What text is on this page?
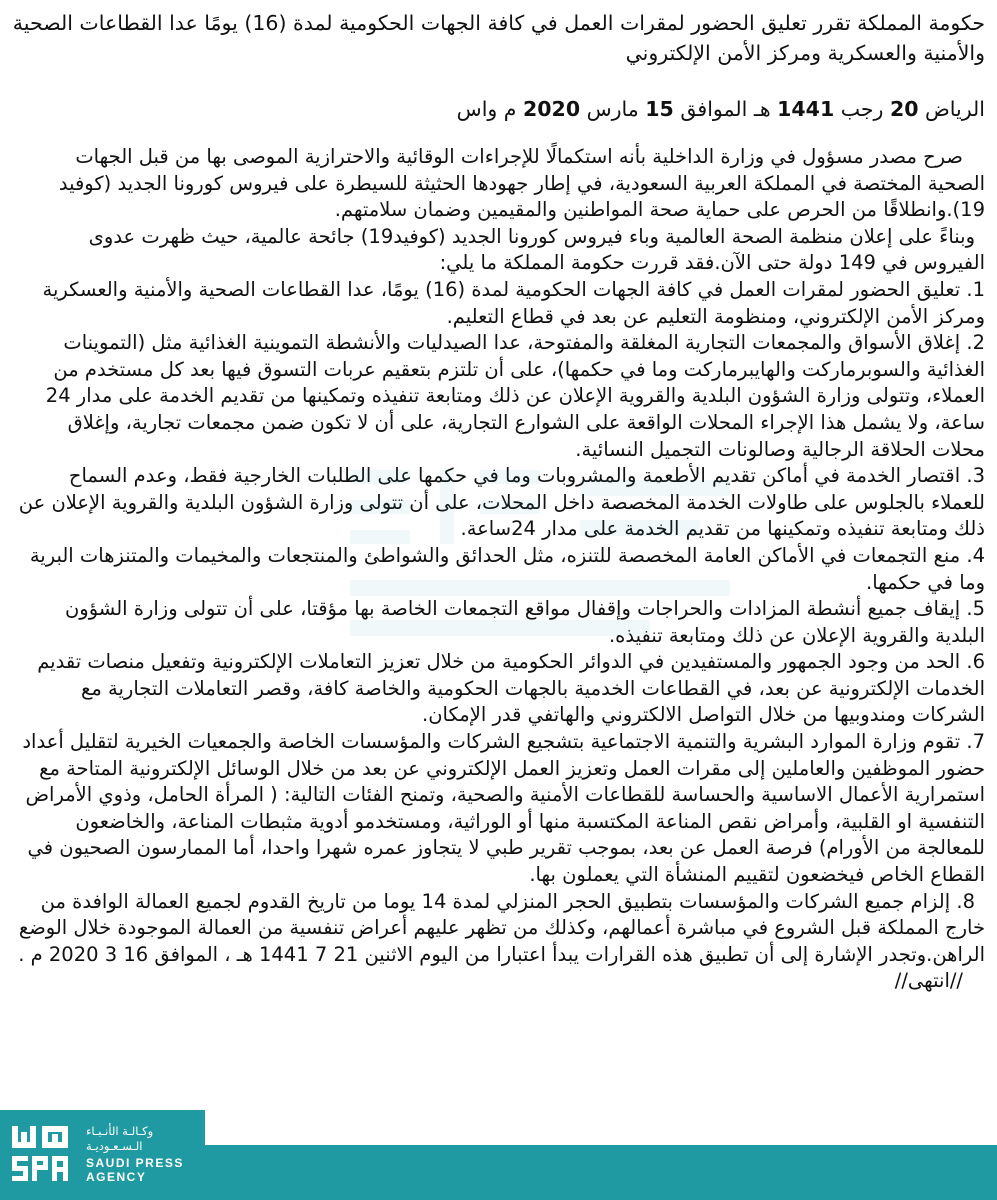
حكومة المملكة تقرر تعليق الحضور لمقرات العمل في كافة الجهات الحكومية لمدة (16) يومًا عدا القطاعات الصحية والأمنية والعسكرية ومركز الأمن الإلكتروني
الرياض 20 رجب 1441 هـ الموافق 15 مارس 2020 م واس

صرح مصدر مسؤول في وزارة الداخلية بأنه استكمالًا للإجراءات الوقائية والاحترازية الموصى بها من قبل الجهات الصحية المختصة في المملكة العربية السعودية، في إطار جهودها الحثيثة للسيطرة على فيروس كورونا الجديد (كوفيد 19).وانطلاقًا من الحرص على حماية صحة المواطنين والمقيمين وضمان سلامتهم.

وبناءً على إعلان منظمة الصحة العالمية وباء فيروس كورونا الجديد (كوفيد19) جائحة عالمية، حيث ظهرت عدوى الفيروس في 149 دولة حتى الآن.فقد قررت حكومة المملكة ما يلي:

1. تعليق الحضور لمقرات العمل في كافة الجهات الحكومية لمدة (16) يومًا، عدا القطاعات الصحية والأمنية والعسكرية ومركز الأمن الإلكتروني، ومنظومة التعليم عن بعد في قطاع التعليم.

2. إغلاق الأسواق والمجمعات التجارية المغلقة والمفتوحة، عدا الصيدليات والأنشطة التموينية الغذائية مثل (التموينات الغذائية والسوبرماركت والهايبرماركت وما في حكمها)، على أن تلتزم بتعقيم عربات التسوق فيها بعد كل مستخدم من العملاء، وتتولى وزارة الشؤون البلدية والقروية الإعلان عن ذلك ومتابعة تنفيذه وتمكينها من تقديم الخدمة على مدار 24 ساعة، ولا يشمل هذا الإجراء المحلات الواقعة على الشوارع التجارية، على أن لا تكون ضمن مجمعات تجارية، وإغلاق محلات الحلاقة الرجالية وصالونات التجميل النسائية.

3. اقتصار الخدمة في أماكن تقديم الأطعمة والمشروبات وما في حكمها على الطلبات الخارجية فقط، وعدم السماح للعملاء بالجلوس على طاولات الخدمة المخصصة داخل المحلات، على أن تتولى وزارة الشؤون البلدية والقروية الإعلان عن ذلك ومتابعة تنفيذه وتمكينها من تقديم الخدمة على مدار 24ساعة.

4. منع التجمعات في الأماكن العامة المخصصة للتنزه، مثل الحدائق والشواطئ والمنتجعات والمخيمات والمتنزهات البرية وما في حكمها.

5. إيقاف جميع أنشطة المزادات والحراجات وإقفال مواقع التجمعات الخاصة بها مؤقتا، على أن تتولى وزارة الشؤون البلدية والقروية الإعلان عن ذلك ومتابعة تنفيذه.

6. الحد من وجود الجمهور والمستفيدين في الدوائر الحكومية من خلال تعزيز التعاملات الإلكترونية وتفعيل منصات تقديم الخدمات الإلكترونية عن بعد، في القطاعات الخدمية بالجهات الحكومية والخاصة كافة، وقصر التعاملات التجارية مع الشركات ومندوبيها من خلال التواصل الالكتروني والهاتفي قدر الإمكان.

7. تقوم وزارة الموارد البشرية والتنمية الاجتماعية بتشجيع الشركات والمؤسسات الخاصة والجمعيات الخيرية لتقليل أعداد حضور الموظفين والعاملين إلى مقرات العمل وتعزيز العمل الإلكتروني عن بعد من خلال الوسائل الإلكترونية المتاحة مع استمرارية الأعمال الاساسية والحساسة للقطاعات الأمنية والصحية، وتمنح الفئات التالية: ( المرأة الحامل، وذوي الأمراض التنفسية او القلبية، وأمراض نقص المناعة المكتسبة منها أو الوراثية، ومستخدمو أدوية مثبطات المناعة، والخاضعون للمعالجة من الأورام) فرصة العمل عن بعد، بموجب تقرير طبي لا يتجاوز عمره شهرا واحدا، أما الممارسون الصحيون في القطاع الخاص فيخضعون لتقييم المنشأة التي يعملون بها.

8. إلزام جميع الشركات والمؤسسات بتطبيق الحجر المنزلي لمدة 14 يوما من تاريخ القدوم لجميع العمالة الوافدة من خارج المملكة قبل الشروع في مباشرة أعمالهم، وكذلك من تظهر عليهم أعراض تنفسية من العمالة الموجودة خلال الوضع الراهن.وتجدر الإشارة إلى أن تطبيق هذه القرارات يبدأ اعتبارا من اليوم الاثنين 21 7 1441 هـ ، الموافق 16 3 2020 م .

//انتهى//

وكـالـة الأنـبـاء
الـسـعـوديـة
SAUDI PRESS
AGENCY
